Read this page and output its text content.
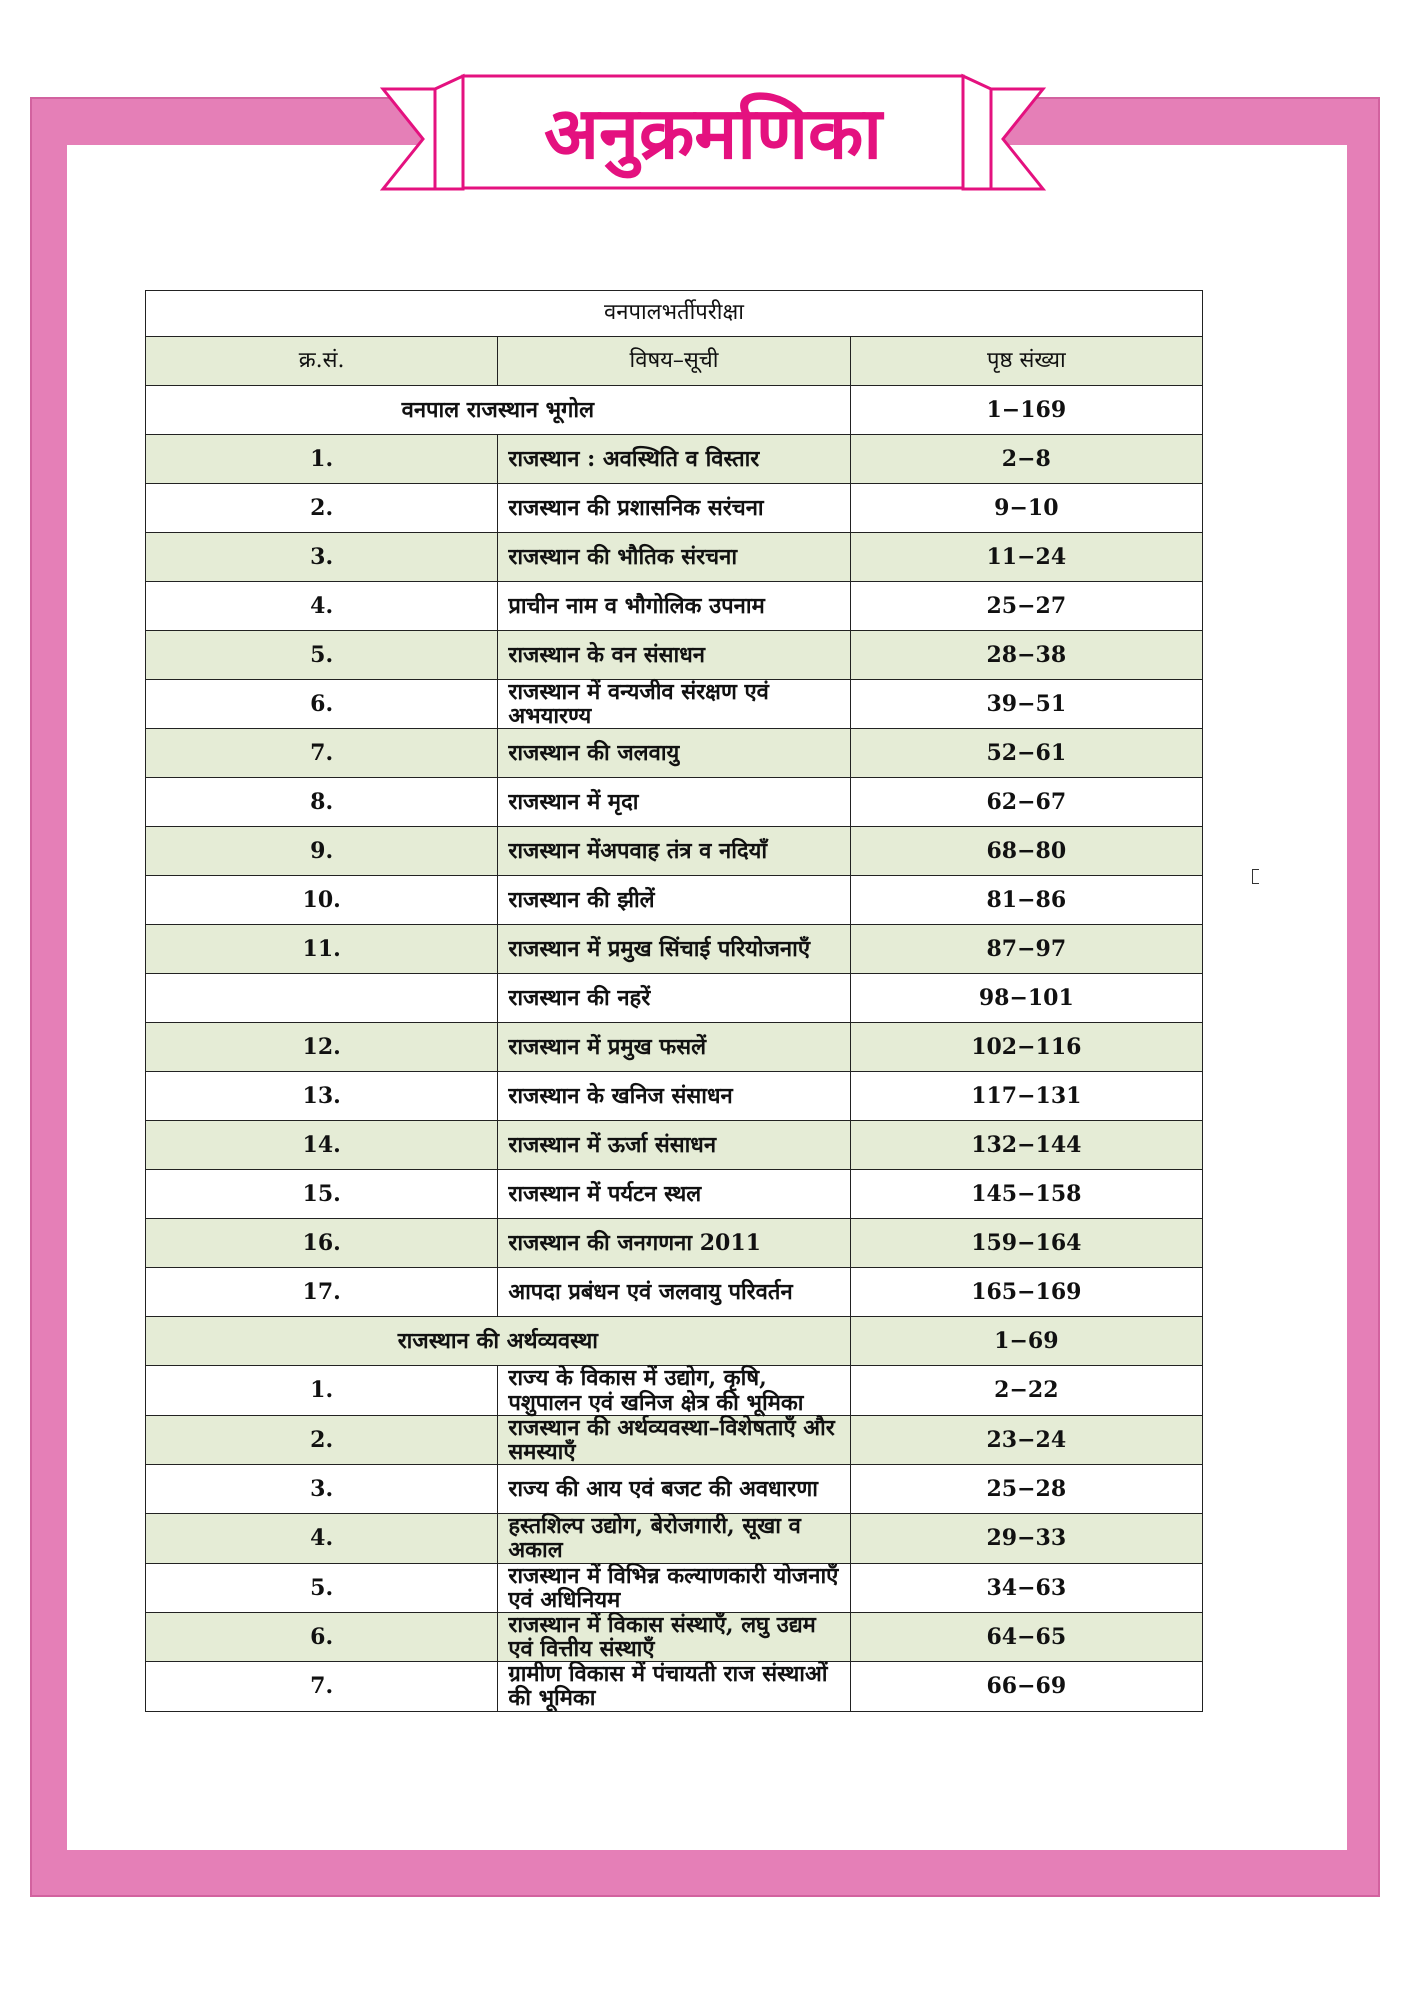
अनुक्रमणिका
वनपालभर्तीपरीक्षा		
क्र.सं.	विषय–सूची	पृष्ठ संख्या
वनपाल राजस्थान भूगोल		1−169
1.	राजस्थान : अवस्थिति व विस्तार	2−8
2.	राजस्थान की प्रशासनिक सरंचना	9−10
3.	राजस्थान की भौतिक संरचना	11−24
4.	प्राचीन नाम व भौगोलिक उपनाम	25−27
5.	राजस्थान के वन संसाधन	28−38
6.	राजस्थान में वन्यजीव संरक्षण एवं अभयारण्य	39−51
7.	राजस्थान की जलवायु	52−61
8.	राजस्थान में मृदा	62−67
9.	राजस्थान मेंअपवाह तंत्र व नदियाँ	68−80
10.	राजस्थान की झीलें	81−86
11.	राजस्थान में प्रमुख सिंचाई परियोजनाएँ	87−97
	राजस्थान की नहरें	98−101
12.	राजस्थान में प्रमुख फसलें	102−116
13.	राजस्थान के खनिज संसाधन	117−131
14.	राजस्थान में ऊर्जा संसाधन	132−144
15.	राजस्थान में पर्यटन स्थल	145−158
16.	राजस्थान की जनगणना 2011	159−164
17.	आपदा प्रबंधन एवं जलवायु परिवर्तन	165−169
राजस्थान की अर्थव्यवस्था		1−69
1.	राज्य के विकास में उद्योग, कृषि, पशुपालन एवं खनिज क्षेत्र की भूमिका	2−22
2.	राजस्थान की अर्थव्यवस्था–विशेषताएँ और समस्याएँ	23−24
3.	राज्य की आय एवं बजट की अवधारणा	25−28
4.	हस्तशिल्प उद्योग, बेरोजगारी, सूखा व अकाल	29−33
5.	राजस्थान में विभिन्न कल्याणकारी योजनाएँ एवं अधिनियम	34−63
6.	राजस्थान में विकास संस्थाएँ, लघु उद्यम एवं वित्तीय संस्थाएँ	64−65
7.	ग्रामीण विकास में पंचायती राज संस्थाओं की भूमिका	66−69
